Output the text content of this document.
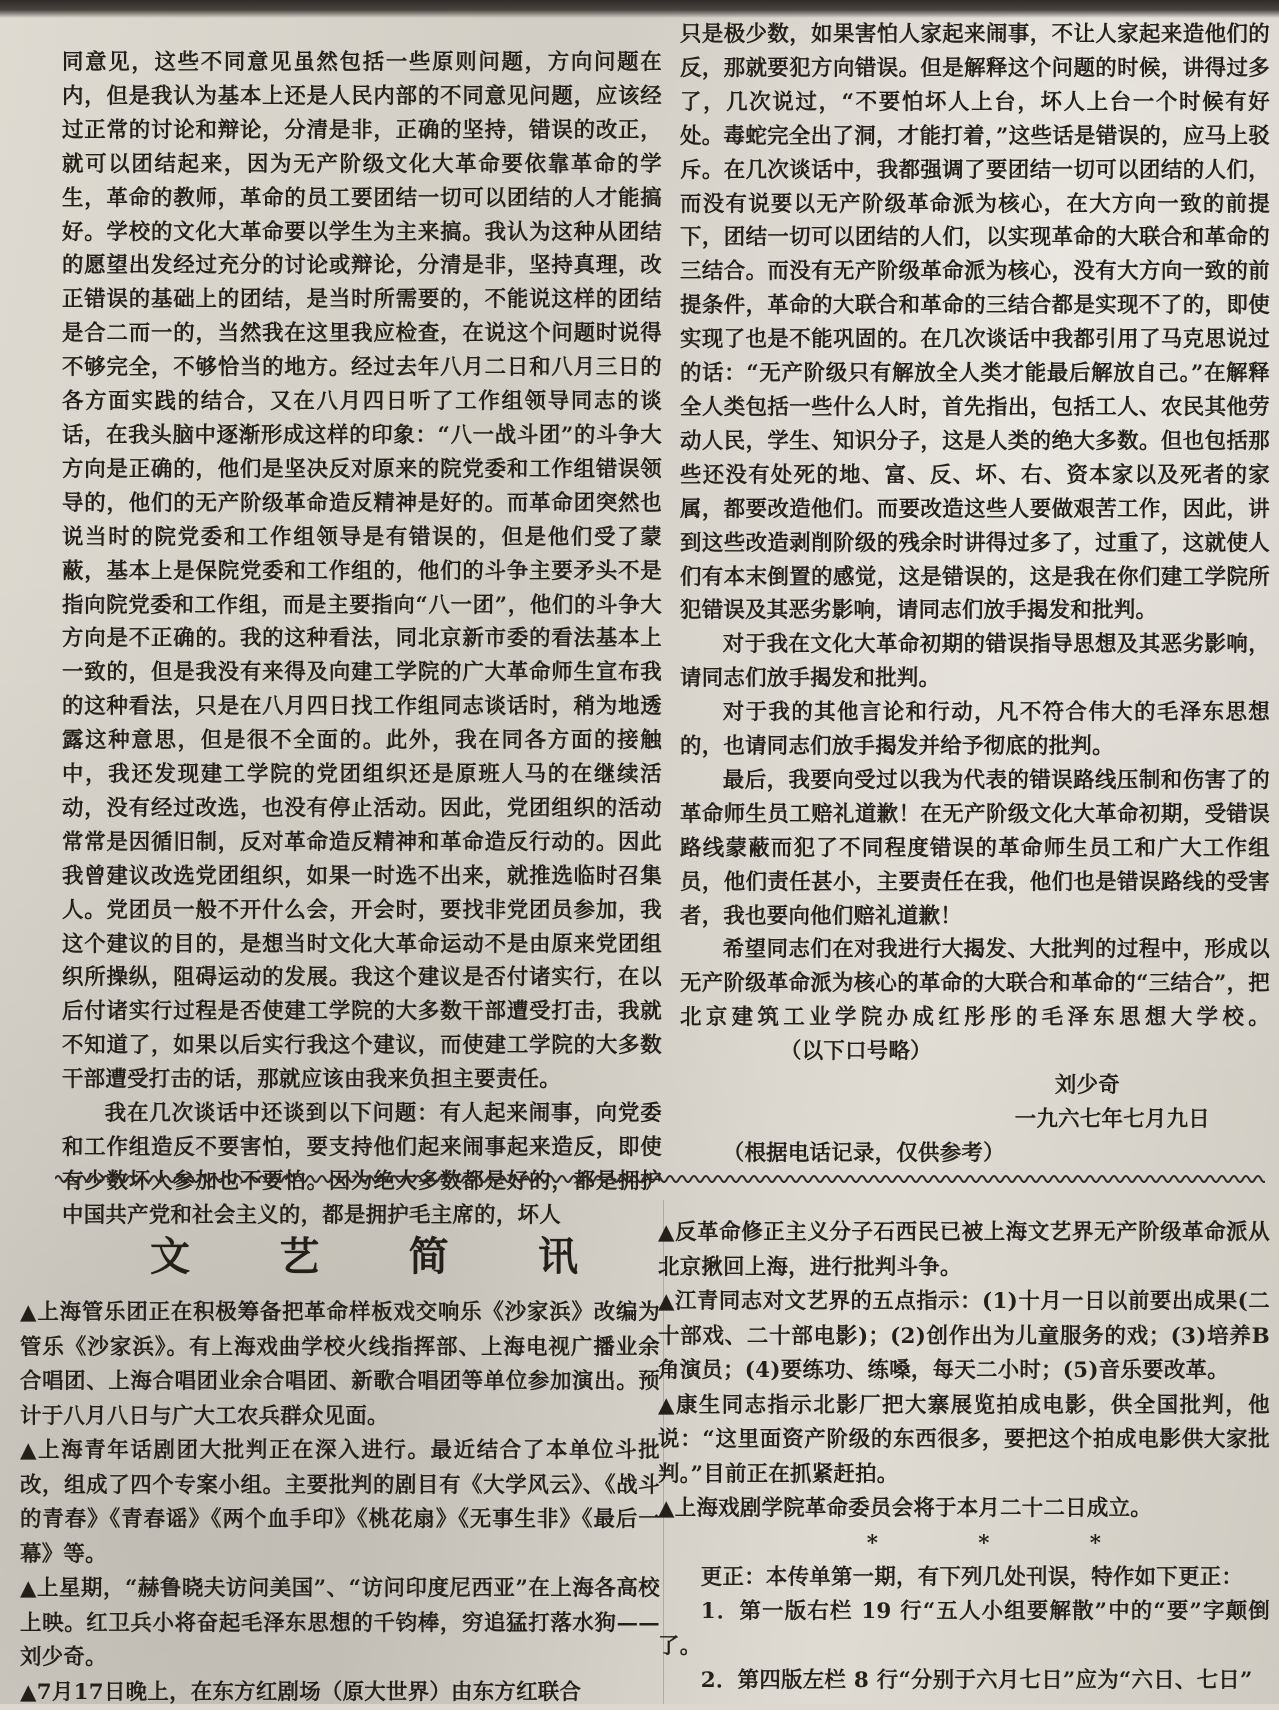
同意见，这些不同意见虽然包括一些原则问题，方向问题在内，但是我认为基本上还是人民内部的不同意见问题，应该经过正常的讨论和辩论，分清是非，正确的坚持，错误的改正，就可以团结起来，因为无产阶级文化大革命要依靠革命的学生，革命的教师，革命的员工要团结一切可以团结的人才能搞好。学校的文化大革命要以学生为主来搞。我认为这种从团结的愿望出发经过充分的讨论或辩论，分清是非，坚持真理，改正错误的基础上的团结，是当时所需要的，不能说这样的团结是合二而一的，当然我在这里我应检查，在说这个问题时说得不够完全，不够恰当的地方。经过去年八月二日和八月三日的各方面实践的结合，又在八月四日听了工作组领导同志的谈话，在我头脑中逐渐形成这样的印象：“八一战斗团”的斗争大方向是正确的，他们是坚决反对原来的院党委和工作组错误领导的，他们的无产阶级革命造反精神是好的。而革命团突然也说当时的院党委和工作组领导是有错误的，但是他们受了蒙蔽，基本上是保院党委和工作组的，他们的斗争主要矛头不是指向院党委和工作组，而是主要指向“八一团”，他们的斗争大方向是不正确的。我的这种看法，同北京新市委的看法基本上一致的，但是我没有来得及向建工学院的广大革命师生宣布我的这种看法，只是在八月四日找工作组同志谈话时，稍为地透露这种意思，但是很不全面的。此外，我在同各方面的接触中，我还发现建工学院的党团组织还是原班人马的在继续活动，没有经过改选，也没有停止活动。因此，党团组织的活动常常是因循旧制，反对革命造反精神和革命造反行动的。因此我曾建议改选党团组织，如果一时选不出来，就推选临时召集人。党团员一般不开什么会，开会时，要找非党团员参加，我这个建议的目的，是想当时文化大革命运动不是由原来党团组织所操纵，阻碍运动的发展。我这个建议是否付诸实行，在以后付诸实行过程是否使建工学院的大多数干部遭受打击，我就不知道了，如果以后实行我这个建议，而使建工学院的大多数干部遭受打击的话，那就应该由我来负担主要责任。

我在几次谈话中还谈到以下问题：有人起来闹事，向党委和工作组造反不要害怕，要支持他们起来闹事起来造反，即使有少数坏人参加也不要怕。因为绝大多数都是好的，都是拥护中国共产党和社会主义的，都是拥护毛主席的，坏人

只是极少数，如果害怕人家起来闹事，不让人家起来造他们的反，那就要犯方向错误。但是解释这个问题的时候，讲得过多了，几次说过，“不要怕坏人上台，坏人上台一个时候有好处。毒蛇完全出了洞，才能打着，”这些话是错误的，应马上驳斥。在几次谈话中，我都强调了要团结一切可以团结的人们，而没有说要以无产阶级革命派为核心，在大方向一致的前提下，团结一切可以团结的人们，以实现革命的大联合和革命的三结合。而没有无产阶级革命派为核心，没有大方向一致的前提条件，革命的大联合和革命的三结合都是实现不了的，即使实现了也是不能巩固的。在几次谈话中我都引用了马克思说过的话：“无产阶级只有解放全人类才能最后解放自己。”在解释全人类包括一些什么人时，首先指出，包括工人、农民其他劳动人民，学生、知识分子，这是人类的绝大多数。但也包括那些还没有处死的地、富、反、坏、右、资本家以及死者的家属，都要改造他们。而要改造这些人要做艰苦工作，因此，讲到这些改造剥削阶级的残余时讲得过多了，过重了，这就使人们有本末倒置的感觉，这是错误的，这是我在你们建工学院所犯错误及其恶劣影响，请同志们放手揭发和批判。

对于我在文化大革命初期的错误指导思想及其恶劣影响，请同志们放手揭发和批判。

对于我的其他言论和行动，凡不符合伟大的毛泽东思想的，也请同志们放手揭发并给予彻底的批判。

最后，我要向受过以我为代表的错误路线压制和伤害了的革命师生员工赔礼道歉！在无产阶级文化大革命初期，受错误路线蒙蔽而犯了不同程度错误的革命师生员工和广大工作组员，他们责任甚小，主要责任在我，他们也是错误路线的受害者，我也要向他们赔礼道歉！

希望同志们在对我进行大揭发、大批判的过程中，形成以无产阶级革命派为核心的革命的大联合和革命的“三结合”，把北京建筑工业学院办成红彤彤的毛泽东思想大学校。（以下口号略）

刘少奇

一九六七年七月九日

（根据电话记录，仅供参考）

文 艺 简 讯

▲上海管乐团正在积极筹备把革命样板戏交响乐《沙家浜》改编为管乐《沙家浜》。有上海戏曲学校火线指挥部、上海电视广播业余合唱团、上海合唱团业余合唱团、新歌合唱团等单位参加演出。预计于八月八日与广大工农兵群众见面。

▲上海青年话剧团大批判正在深入进行。最近结合了本单位斗批改，组成了四个专案小组。主要批判的剧目有《大学风云》、《战斗的青春》《青春谣》《两个血手印》《桃花扇》《无事生非》《最后一幕》等。

▲上星期，“赫鲁晓夫访问美国”、“访问印度尼西亚”在上海各高校上映。红卫兵小将奋起毛泽东思想的千钧棒，穷追猛打落水狗——刘少奇。

▲7月17日晚上，在东方红剧场（原大世界）由东方红联合

▲反革命修正主义分子石西民已被上海文艺界无产阶级革命派从北京揪回上海，进行批判斗争。

▲江青同志对文艺界的五点指示：(1)十月一日以前要出成果(二十部戏、二十部电影)；(2)创作出为儿童服务的戏；(3)培养B角演员；(4)要练功、练嗓，每天二小时；(5)音乐要改革。

▲康生同志指示北影厂把大寨展览拍成电影，供全国批判，他说：“这里面资产阶级的东西很多，要把这个拍成电影供大家批判。”目前正在抓紧赶拍。

▲上海戏剧学院革命委员会将于本月二十二日成立。

*	*	*

更正：本传单第一期，有下列几处刊误，特作如下更正：

1．第一版右栏 19 行“五人小组要解散”中的“要”字颠倒了。

2．第四版左栏 8 行“分别于六月七日”应为“六日、七日”
